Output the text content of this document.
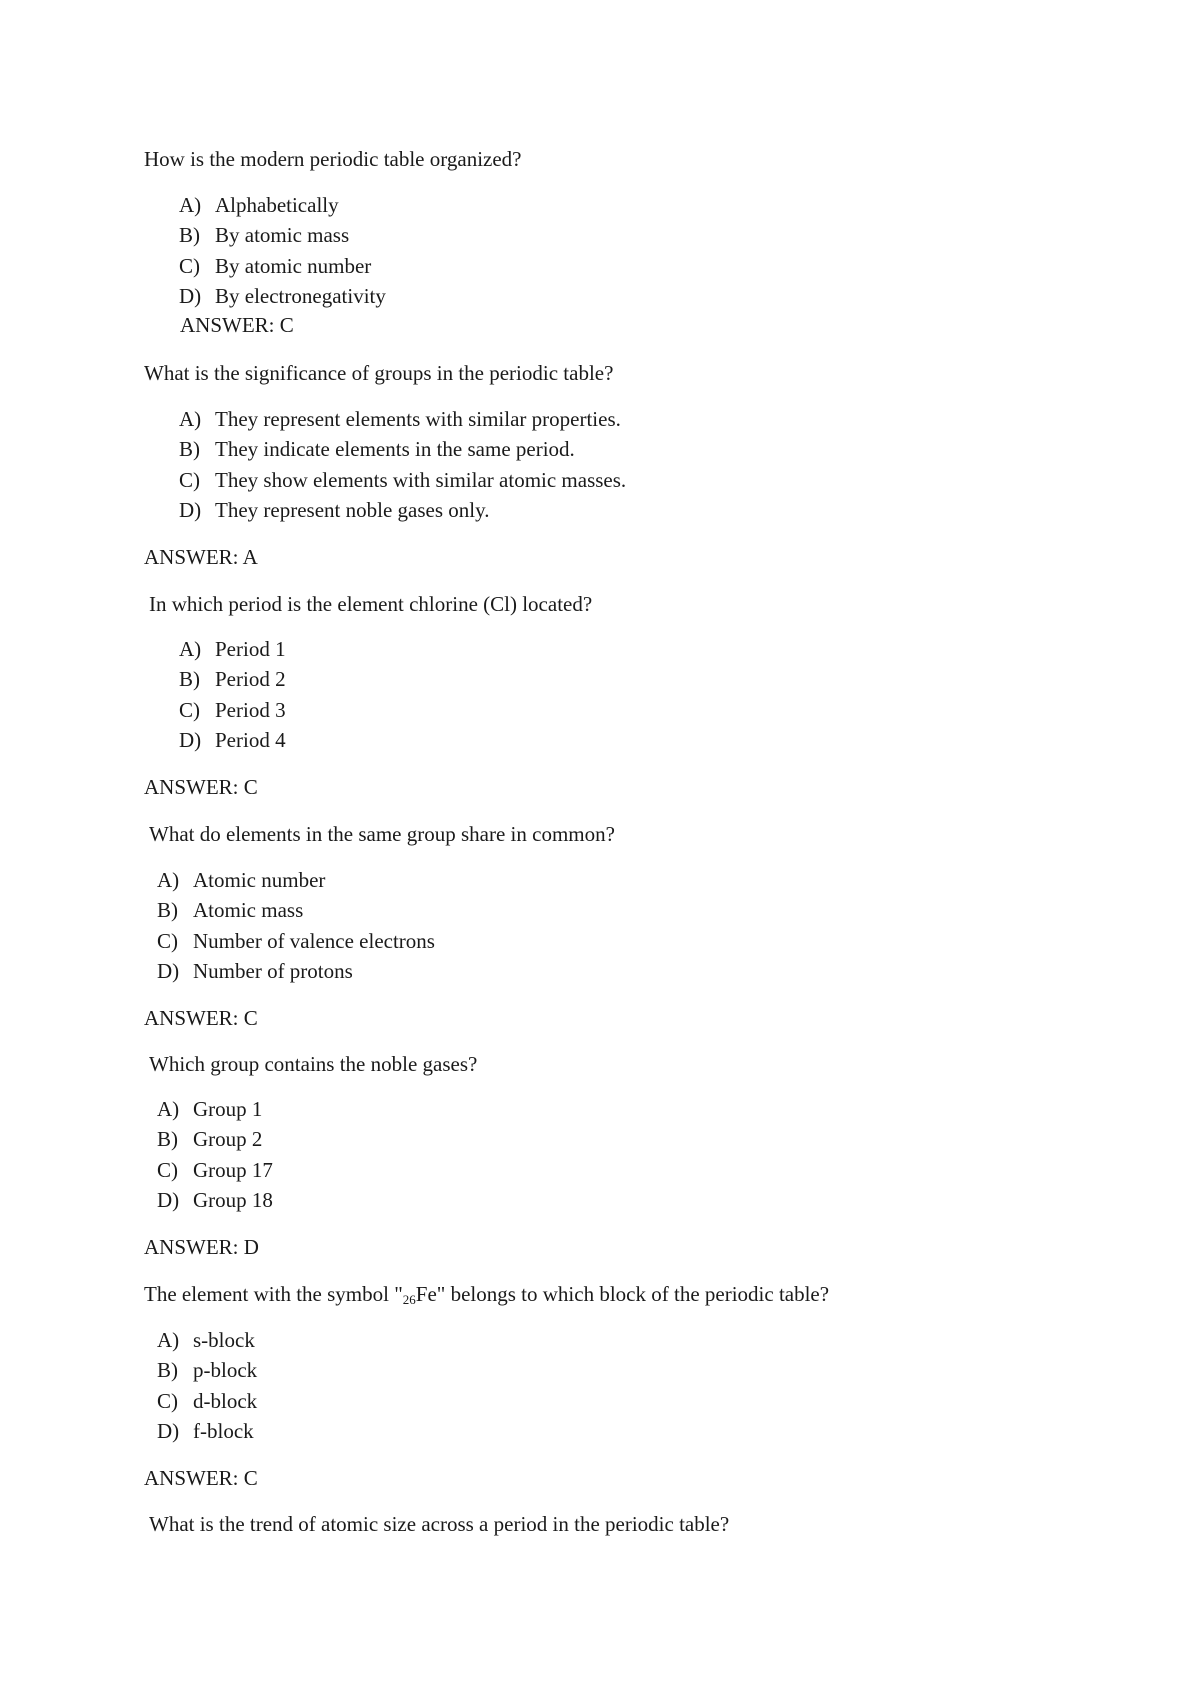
How is the modern periodic table organized?
A) Alphabetically
B) By atomic mass
C) By atomic number
D) By electronegativity
ANSWER: C
What is the significance of groups in the periodic table?
A) They represent elements with similar properties.
B) They indicate elements in the same period.
C) They show elements with similar atomic masses.
D) They represent noble gases only.
ANSWER: A
In which period is the element chlorine (Cl) located?
A) Period 1
B) Period 2
C) Period 3
D) Period 4
ANSWER: C
What do elements in the same group share in common?
A) Atomic number
B) Atomic mass
C) Number of valence electrons
D) Number of protons
ANSWER: C
Which group contains the noble gases?
A) Group 1
B) Group 2
C) Group 17
D) Group 18
ANSWER: D
The element with the symbol "$_{26}Fe$" belongs to which block of the periodic table?
A) s-block
B) p-block
C) d-block
D) f-block
ANSWER: C
What is the trend of atomic size across a period in the periodic table?
